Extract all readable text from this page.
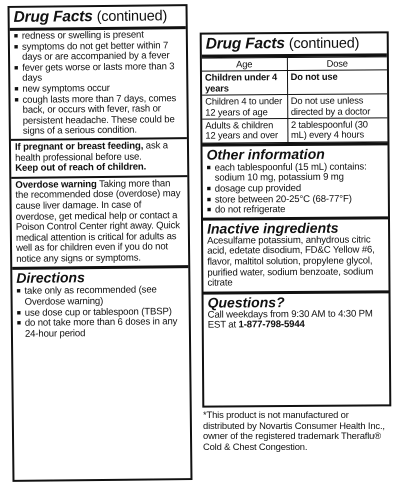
Drug Facts (continued)
■ redness or swelling is present
■ symptoms do not get better within 7 days or are accompanied by a fever
■ fever gets worse or lasts more than 3 days
■ new symptoms occur
■ cough lasts more than 7 days, comes back, or occurs with fever, rash or persistent headache. These could be signs of a serious condition.
If pregnant or breast feeding, ask a health professional before use.
Keep out of reach of children.
Overdose warning Taking more than the recommended dose (overdose) may cause liver damage. In case of overdose, get medical help or contact a Poison Control Center right away. Quick medical attention is critical for adults as well as for children even if you do not notice any signs or symptoms.
Directions
■ take only as recommended (see Overdose warning)
■ use dose cup or tablespoon (TBSP)
■ do not take more than 6 doses in any 24-hour period
Drug Facts (continued)
Age	Dose
Children under 4 years	Do not use
Children 4 to under 12 years of age	Do not use unless directed by a doctor
Adults & children 12 years and over	2 tablespoonful (30 mL) every 4 hours
Other information
■ each tablespoonful (15 mL) contains: sodium 10 mg, potassium 9 mg
■ dosage cup provided
■ store between 20-25°C (68-77°F)
■ do not refrigerate
Inactive ingredients
Acesulfame potassium, anhydrous citric acid, edetate disodium, FD&C Yellow #6, flavor, maltitol solution, propylene glycol, purified water, sodium benzoate, sodium citrate
Questions?
Call weekdays from 9:30 AM to 4:30 PM EST at 1-877-798-5944
*This product is not manufactured or distributed by Novartis Consumer Health Inc., owner of the registered trademark Theraflu® Cold & Chest Congestion.
